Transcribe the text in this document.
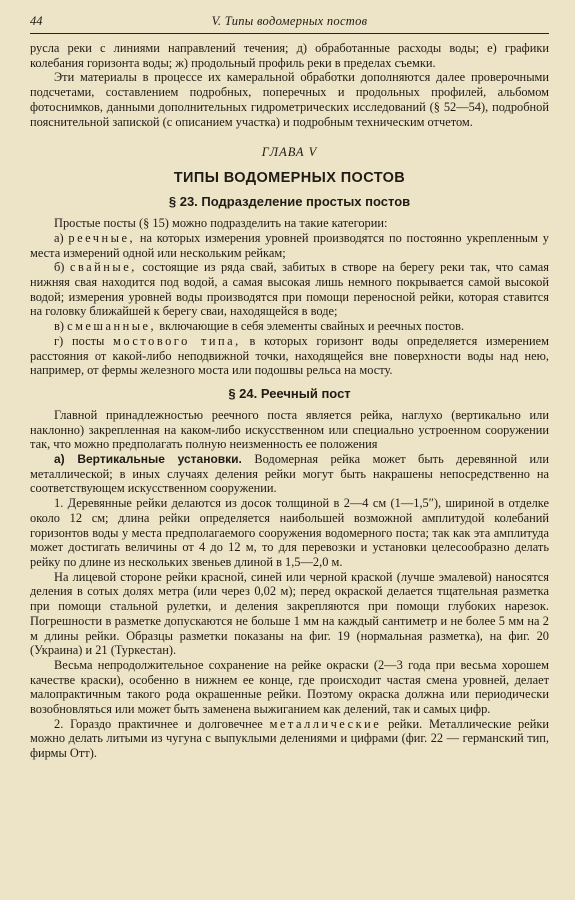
44	V. Типы водомерных постов

русла реки с линиями направлений течения; д) обработанные расходы воды; е) графики колебания горизонта воды; ж) продольный профиль реки в пределах съемки.

Эти материалы в процессе их камеральной обработки дополняются далее проверочными подсчетами, составлением подробных, поперечных и продольных профилей, альбомом фотоснимков, данными дополнительных гидрометрических исследований (§ 52—54), подробной пояснительной запиской (с описанием участка) и подробным техническим отчетом.

ГЛАВА V
ТИПЫ ВОДОМЕРНЫХ ПОСТОВ
§ 23. Подразделение простых постов

Простые посты (§ 15) можно подразделить на такие категории:

а) реечные, на которых измерения уровней производятся по постоянно укрепленным у места измерений одной или нескольким рейкам;

б) свайные, состоящие из ряда свай, забитых в створе на берегу реки так, что самая нижняя свая находится под водой, а самая высокая лишь немного покрывается самой высокой водой; измерения уровней воды производятся при помощи переносной рейки, которая ставится на головку ближайшей к берегу сваи, находящейся в воде;

в) смешанные, включающие в себя элементы свайных и реечных постов.

г) посты мостового типа, в которых горизонт воды определяется измерением расстояния от какой-либо неподвижной точки, находящейся вне поверхности воды над нею, например, от фермы железного моста или подошвы рельса на мосту.

§ 24. Реечный пост

Главной принадлежностью реечного поста является рейка, наглухо (вертикально или наклонно) закрепленная на каком-либо искусственном или специально устроенном сооружении так, что можно предполагать полную неизменность ее положения

а) Вертикальные установки. Водомерная рейка может быть деревянной или металлической; в иных случаях деления рейки могут быть накрашены непосредственно на соответствующем искусственном сооружении.

1. Деревянные рейки делаются из досок толщиной в 2—4 см (1—1,5″), шириной в отделке около 12 см; длина рейки определяется наибольшей возможной амплитудой колебаний горизонтов воды у места предполагаемого сооружения водомерного поста; так как эта амплитуда может достигать величины от 4 до 12 м, то для перевозки и установки целесообразно делать рейку по длине из нескольких звеньев длиной в 1,5—2,0 м.

На лицевой стороне рейки красной, синей или черной краской (лучше эмалевой) наносятся деления в сотых долях метра (или через 0,02 м); перед окраской делается тщательная разметка при помощи стальной рулетки, и деления закрепляются при помощи глубоких нарезок. Погрешности в разметке допускаются не больше 1 мм на каждый сантиметр и не более 5 мм на 2 м длины рейки. Образцы разметки показаны на фиг. 19 (нормальная разметка), на фиг. 20 (Украина) и 21 (Туркестан).

Весьма непродолжительное сохранение на рейке окраски (2—3 года при весьма хорошем качестве краски), особенно в нижнем ее конце, где происходит частая смена уровней, делает малопрактичным такого рода окрашенные рейки. Поэтому окраска должна или периодически возобновляться или может быть заменена выжиганием как делений, так и самых цифр.

2. Гораздо практичнее и долговечнее металлические рейки. Металлические рейки можно делать литыми из чугуна с выпуклыми делениями и цифрами (фиг. 22 — германский тип, фирмы Отт).
